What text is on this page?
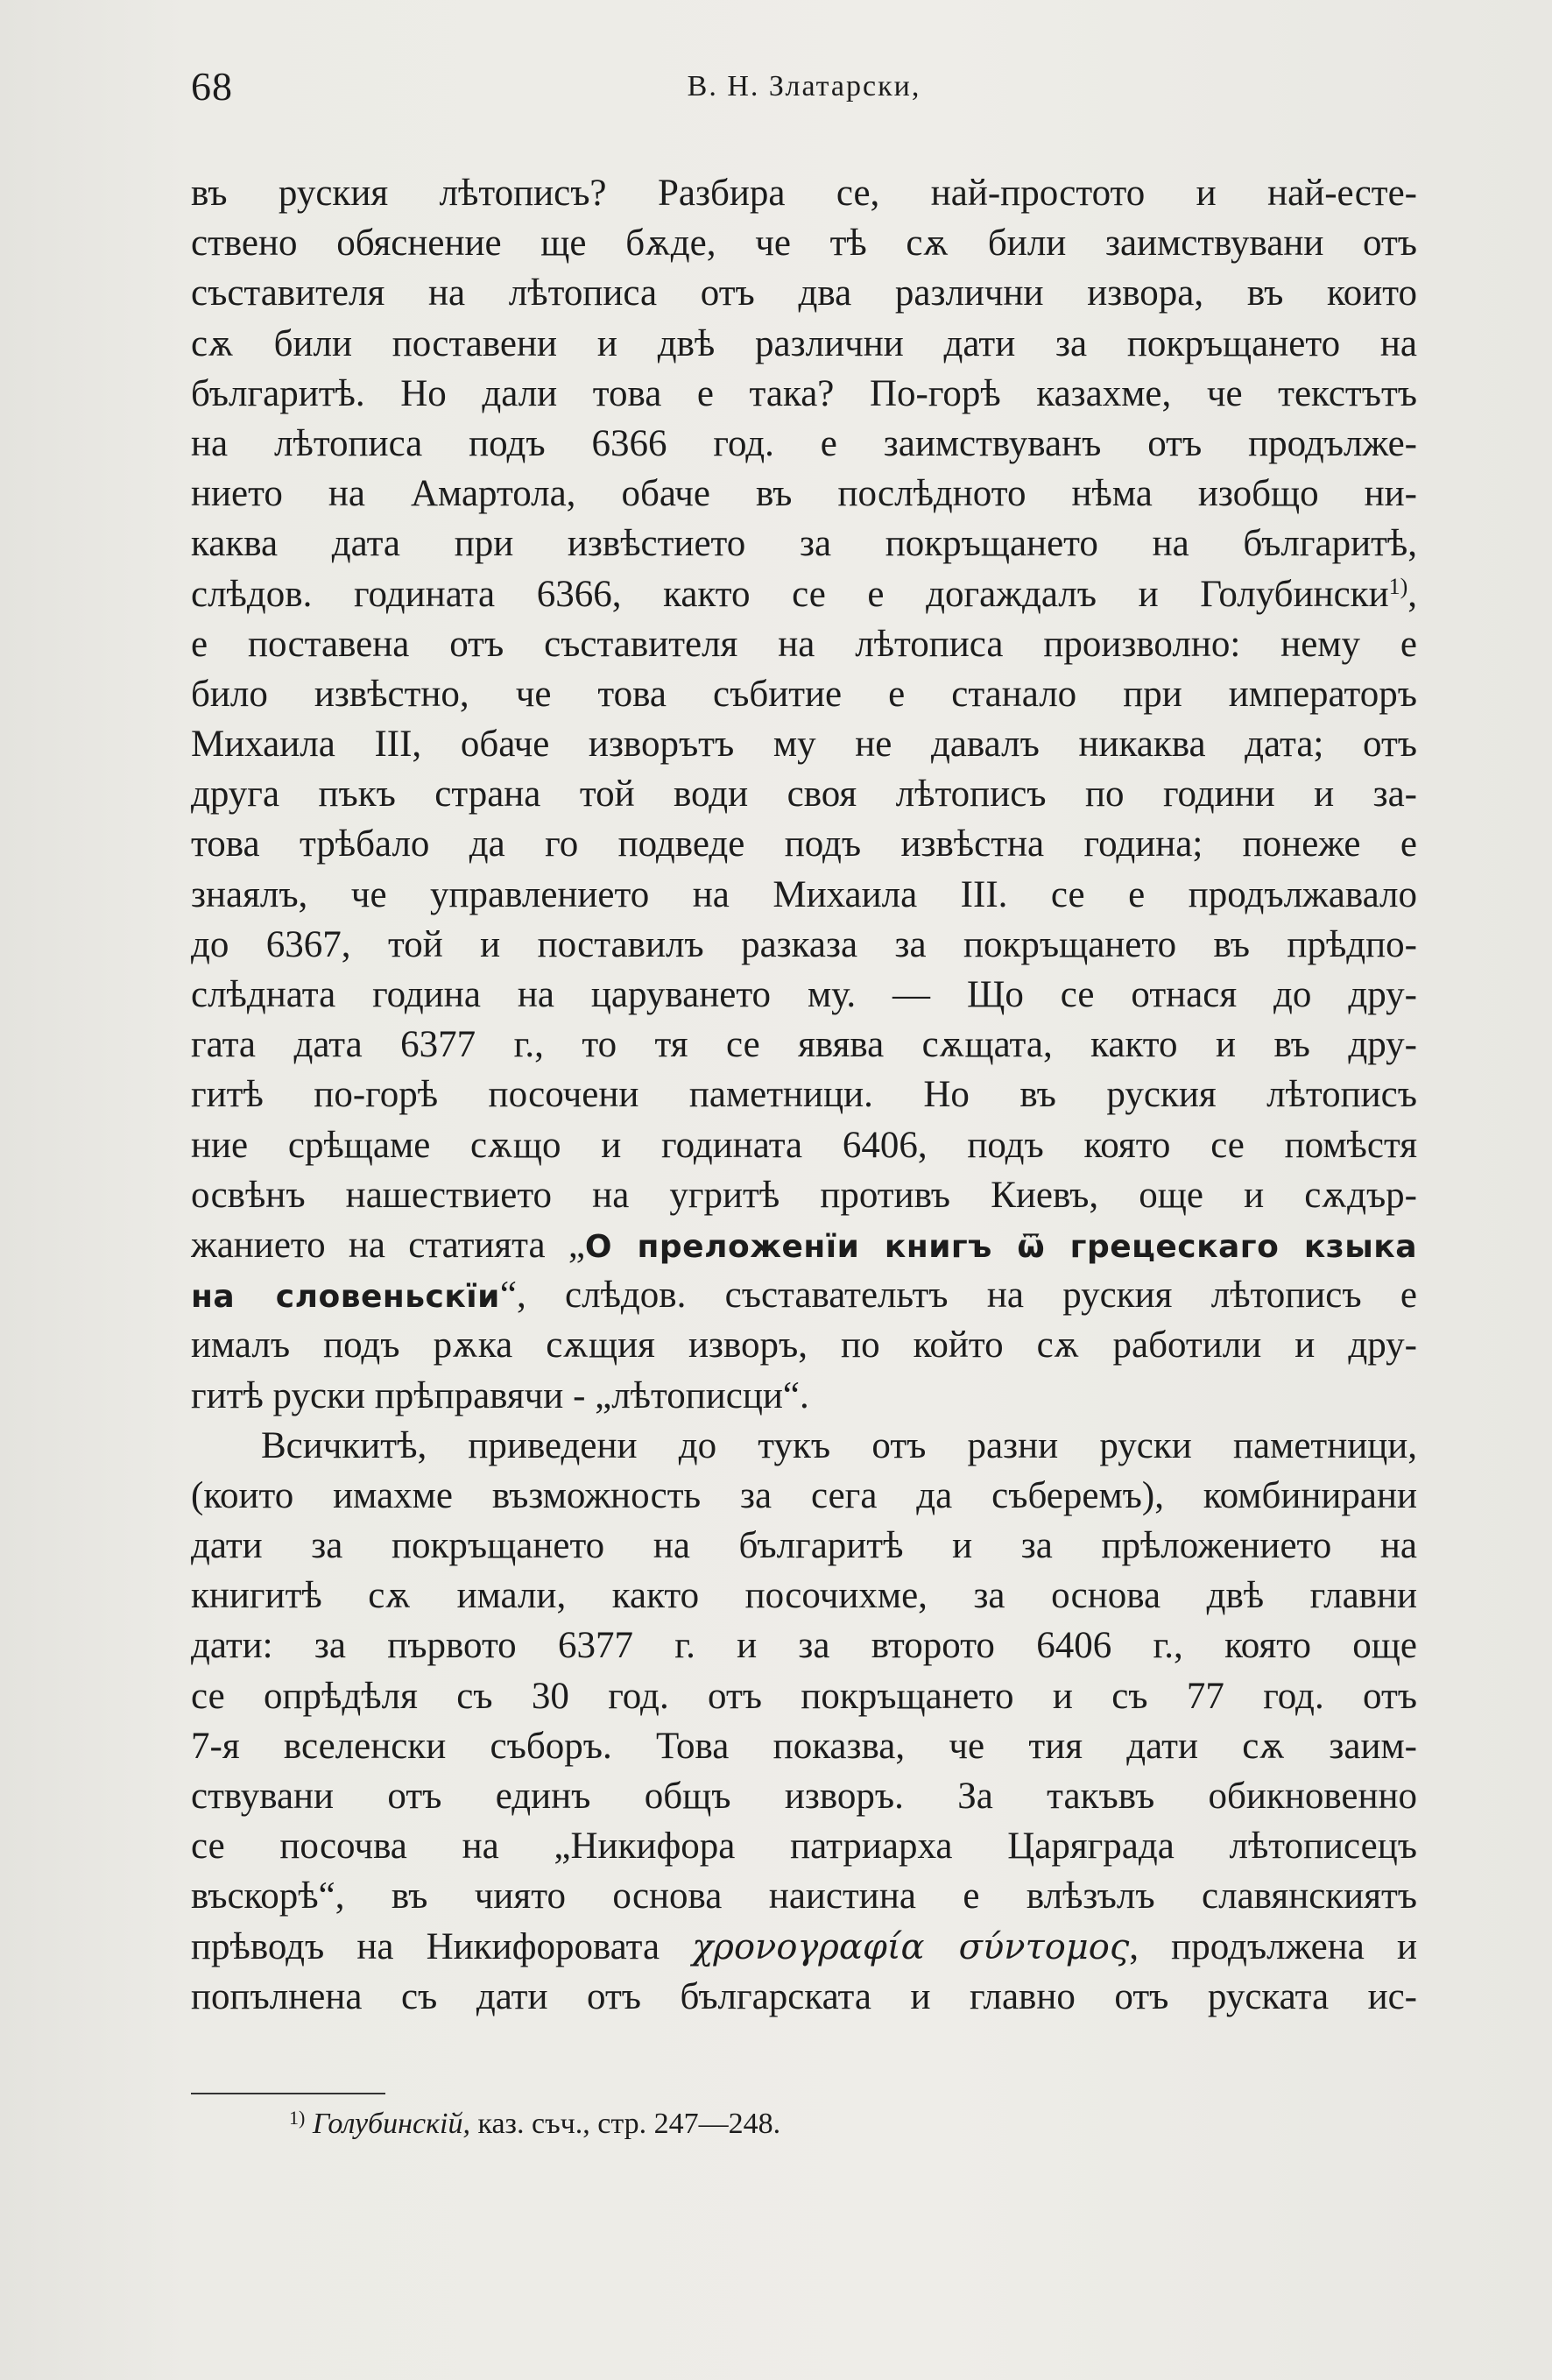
68	В. Н. Златарски,
въ руския лѣтописъ? Разбира се, най-простото и най-есте-
ствено обяснение ще бѫде, че тѣ сѫ били заимствувани отъ
съставителя на лѣтописа отъ два различни извора, въ които
сѫ били поставени и двѣ различни дати за покръщането на
българитѣ. Но дали това е така? По-горѣ казахме, че текстътъ
на лѣтописа подъ 6366 год. е заимствуванъ отъ продълже-
нието на Амартола, обаче въ послѣдното нѣма изобщо ни-
каква дата при извѣстието за покръщането на българитѣ,
слѣдов. годината 6366, както се е догаждалъ и Голубински$^{1)}$,
е поставена отъ съставителя на лѣтописа произволно: нему е
било извѣстно, че това събитие е станало при императоръ
Михаила III, обаче изворътъ му не давалъ никаква дата; отъ
друга пъкъ страна той води своя лѣтописъ по години и за-
това трѣбало да го подведе подъ извѣстна година; понеже е
знаялъ, че управлението на Михаила III. се е продължавало
до 6367, той и поставилъ разказа за покръщането въ прѣдпо-
слѣдната година на царуването му. — Що се отнася до дру-
гата дата 6377 г., то тя се явява сѫщата, както и въ дру-
гитѣ по-горѣ посочени паметници. Но въ руския лѣтописъ
ние срѣщаме сѫщо и годината 6406, подъ която се помѣстя
освѣнъ нашествието на угритѣ противъ Киевъ, още и сѫдър-
жанието на статията „О преложенїи книгъ ѿ грецескаго кзыка
на словеньскїи“, слѣдов. съставательтъ на руския лѣтописъ е
ималъ подъ рѫка сѫщия изворъ, по който сѫ работили и дру-
гитѣ руски прѣправячи - „лѣтописци“.
Всичкитѣ, приведени до тукъ отъ разни руски паметници,
(които имахме възможность за сега да съберемъ), комбинирани
дати за покръщането на българитѣ и за прѣложението на
книгитѣ сѫ имали, както посочихме, за основа двѣ главни
дати: за първото 6377 г. и за второто 6406 г., която още
се опрѣдѣля съ 30 год. отъ покръщането и съ 77 год. отъ
7-я вселенски съборъ. Това показва, че тия дати сѫ заим-
ствувани отъ единъ общъ изворъ. За такъвъ обикновенно
се посочва на „Никифора патриарха Царяграда лѣтописецъ
въскорѣ“, въ чиято основа наистина е влѣзълъ славянскиятъ
прѣводъ на Никифоровата χρονογραφία σύντομος, продължена и
попълнена съ дати отъ българската и главно отъ руската ис-
$^{1)}$ Голубинскій, каз. съч., стр. 247—248.
